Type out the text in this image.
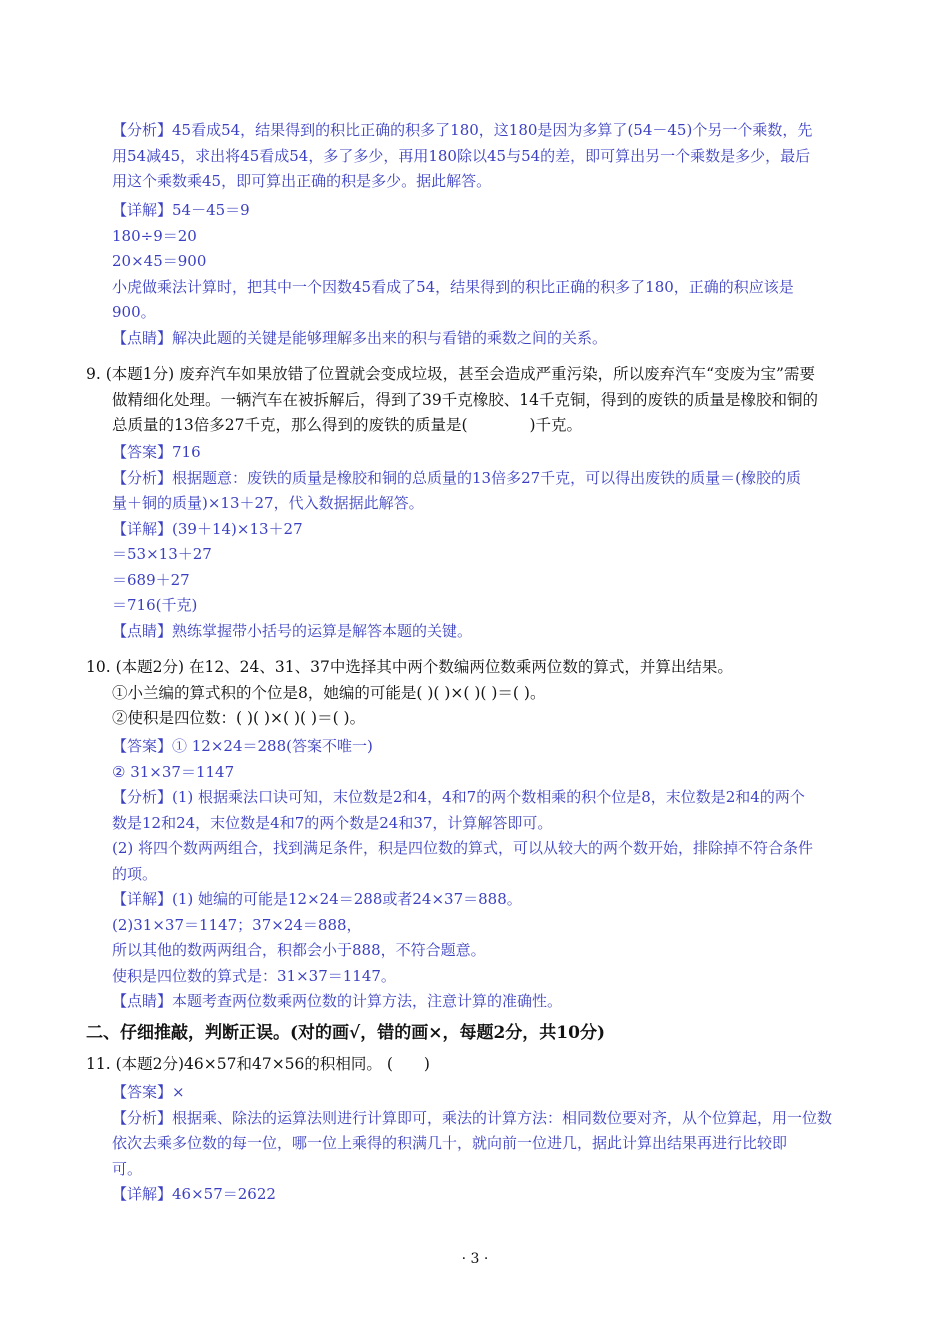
【分析】45看成54，结果得到的积比正确的积多了180，这180是因为多算了(54－45)个另一个乘数，先
用54减45，求出将45看成54，多了多少，再用180除以45与54的差，即可算出另一个乘数是多少，最后
用这个乘数乘45，即可算出正确的积是多少。据此解答。
【详解】54－45＝9
180÷9＝20
20×45＝900
小虎做乘法计算时，把其中一个因数45看成了54，结果得到的积比正确的积多了180，正确的积应该是
900。
【点睛】解决此题的关键是能够理解多出来的积与看错的乘数之间的关系。
9. (本题1分) 废弃汽车如果放错了位置就会变成垃圾，甚至会造成严重污染，所以废弃汽车“变废为宝”需要
做精细化处理。一辆汽车在被拆解后，得到了39千克橡胶、14千克铜，得到的废铁的质量是橡胶和铜的
总质量的13倍多27千克，那么得到的废铁的质量是(　　　　)千克。
【答案】716
【分析】根据题意：废铁的质量是橡胶和铜的总质量的13倍多27千克，可以得出废铁的质量＝(橡胶的质
量＋铜的质量)×13＋27，代入数据据此解答。
【详解】(39＋14)×13＋27
＝53×13＋27
＝689＋27
＝716(千克)
【点睛】熟练掌握带小括号的运算是解答本题的关键。
10. (本题2分) 在12、24、31、37中选择其中两个数编两位数乘两位数的算式，并算出结果。
①小兰编的算式积的个位是8，她编的可能是( )( )×( )( )＝( )。
②使积是四位数：( )( )×( )( )＝( )。
【答案】① 12×24＝288(答案不唯一)
② 31×37＝1147
【分析】(1) 根据乘法口诀可知，末位数是2和4，4和7的两个数相乘的积个位是8，末位数是2和4的两个
数是12和24，末位数是4和7的两个数是24和37，计算解答即可。
(2) 将四个数两两组合，找到满足条件，积是四位数的算式，可以从较大的两个数开始，排除掉不符合条件
的项。
【详解】(1) 她编的可能是12×24＝288或者24×37＝888。
(2)31×37＝1147；37×24＝888，
所以其他的数两两组合，积都会小于888，不符合题意。
使积是四位数的算式是：31×37＝1147。
【点睛】本题考查两位数乘两位数的计算方法，注意计算的准确性。
二、仔细推敲，判断正误。(对的画√，错的画×，每题2分，共10分)
11. (本题2分)46×57和47×56的积相同。 (　　)
【答案】×
【分析】根据乘、除法的运算法则进行计算即可，乘法的计算方法：相同数位要对齐，从个位算起，用一位数
依次去乘多位数的每一位，哪一位上乘得的积满几十，就向前一位进几，据此计算出结果再进行比较即
可。
【详解】46×57＝2622
· 3 ·
